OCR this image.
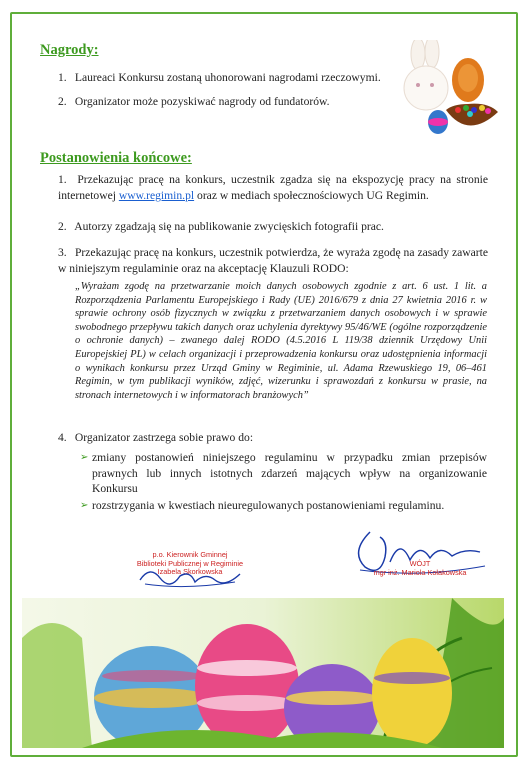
Nagrody:
1. Laureaci Konkursu zostaną uhonorowani nagrodami rzeczowymi.
2. Organizator może pozyskiwać nagrody od fundatorów.
Postanowienia końcowe:
1. Przekazując pracę na konkurs, uczestnik zgadza się na ekspozycję pracy na stronie internetowej www.regimin.pl oraz w mediach społecznościowych UG Regimin.
2. Autorzy zgadzają się na publikowanie zwycięskich fotografii prac.
3. Przekazując pracę na konkurs, uczestnik potwierdza, że wyraża zgodę na zasady zawarte w niniejszym regulaminie oraz na akceptację Klauzuli RODO:
„Wyrażam zgodę na przetwarzanie moich danych osobowych zgodnie z art. 6 ust. 1 lit. a Rozporządzenia Parlamentu Europejskiego i Rady (UE) 2016/679 z dnia 27 kwietnia 2016 r. w sprawie ochrony osób fizycznych w związku z przetwarzaniem danych osobowych i w sprawie swobodnego przepływu takich danych oraz uchylenia dyrektywy 95/46/WE (ogólne rozporządzenie o ochronie danych) – zwanego dalej RODO (4.5.2016 L 119/38 dziennik Urzędowy Unii Europejskiej PL) w celach organizacji i przeprowadzenia konkursu oraz udostępnienia informacji o wynikach konkursu przez Urząd Gminy w Regiminie, ul. Adama Rzewuskiego 19, 06–461 Regimin, w tym publikacji wyników, zdjęć, wizerunku i sprawozdań z konkursu w prasie, na stronach internetowych i w informatorach branżowych”
4. Organizator zastrzega sobie prawo do:
➢ zmiany postanowień niniejszego regulaminu w przypadku zmian przepisów prawnych lub innych istotnych zdarzeń mających wpływ na organizowanie Konkursu
➢ rozstrzygania w kwestiach nieuregulowanych postanowieniami regulaminu.
p.o. Kierownik Gminnej
Biblioteki Publicznej w Regiminie
Izabela Skorkowska
WÓJT
mgr inż. Mariola Kołakowska
